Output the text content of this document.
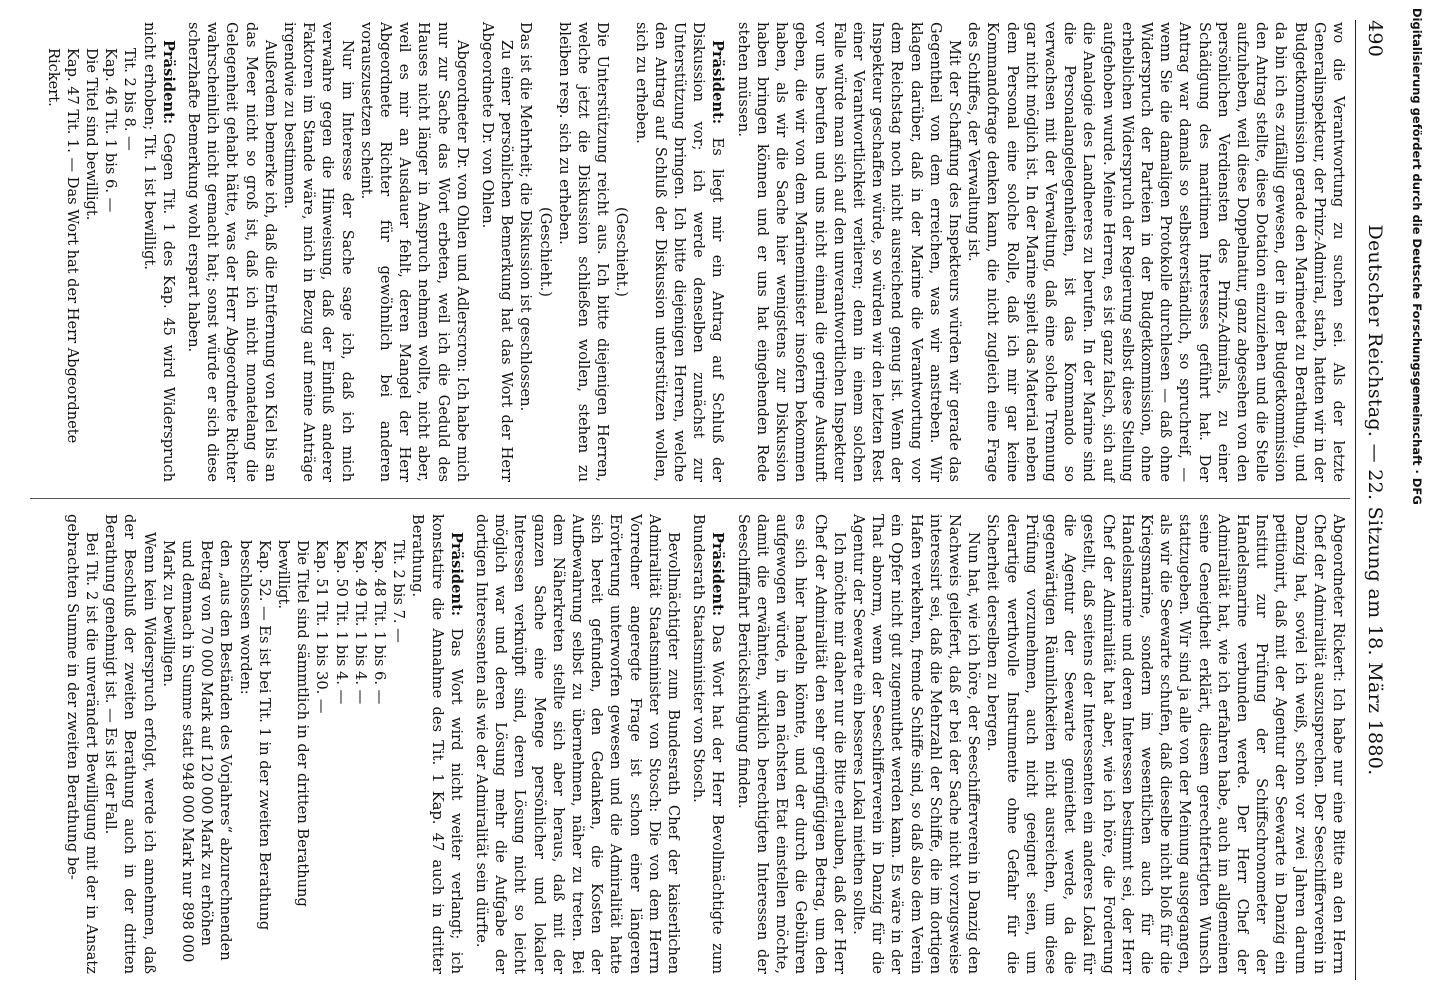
490
Deutscher Reichstag. — 22. Sitzung am 18. März 1880.

wo die Verantwortung zu suchen sei. Als der letzte Generalinspekteur, der Prinz-Admiral, starb, hatten wir in der Budgetkommission gerade den Marineetat zu Berathung, und da bin ich es zufällig gewesen, der in der Budgetkommission den Antrag stellte, diese Dotation einzuziehen und die Stelle aufzuheben, weil diese Doppelnatur, ganz abgesehen von den persönlichen Verdiensten des Prinz-Admirals, zu einer Schädigung des maritimen Interesses geführt hat. Der Antrag war damals so selbstverständlich, so spruchreif, — wenn Sie die damaligen Protokolle durchlesen — daß ohne Widerspruch der Parteien in der Budgetkommission, ohne erheblichen Widerspruch der Regierung selbst diese Stellung aufgehoben wurde. Meine Herren, es ist ganz falsch, sich auf die Analogie des Landheeres zu berufen. In der Marine sind die Personalangelegenheiten, ist das Kommando so verwachsen mit der Verwaltung, daß eine solche Trennung gar nicht möglich ist. In der Marine spielt das Material neben dem Personal eine solche Rolle, daß ich mir gar keine Kommandofrage denken kann, die nicht zugleich eine Frage des Schiffes, der Verwaltung ist.

Mit der Schaffung des Inspekteurs würden wir gerade das Gegentheil von dem erreichen, was wir anstreben. Wir klagen darüber, daß in der Marine die Verantwortung vor dem Reichstag noch nicht ausreichend genug ist. Wenn der Inspekteur geschaffen würde, so würden wir den letzten Rest einer Verantwortlichkeit verlieren; denn in einem solchen Falle würde man sich auf den unverantwortlichen Inspekteur vor uns berufen und uns nicht einmal die geringe Auskunft geben, die wir von dem Marineminister insofern bekommen haben, als wir die Sache hier wenigstens zur Diskussion haben bringen können und er uns hat eingehenden Rede stehen müssen.

Präsident: Es liegt mir ein Antrag auf Schluß der Diskussion vor; ich werde denselben zunächst zur Unterstützung bringen. Ich bitte diejenigen Herren, welche den Antrag auf Schluß der Diskussion unterstützen wollen, sich zu erheben.

(Geschieht.)

Die Unterstützung reicht aus. Ich bitte diejenigen Herren, welche jetzt die Diskussion schließen wollen, stehen zu bleiben resp. sich zu erheben.

(Geschieht.)

Das ist die Mehrheit; die Diskussion ist geschlossen.

Zu einer persönlichen Bemerkung hat das Wort der Herr Abgeordnete Dr. von Ohlen.

Abgeordneter Dr. von Ohlen und Adlerscron: Ich habe mich nur zur Sache das Wort erbeten, weil ich die Geduld des Hauses nicht länger in Anspruch nehmen wollte, nicht aber, weil es mir an Ausdauer fehlt, deren Mangel der Herr Abgeordnete Richter für gewöhnlich bei anderen vorauszusetzen scheint.

Nur im Interesse der Sache sage ich, daß ich mich verwahre gegen die Hinweisung, daß der Einfluß anderer Faktoren im Stande wäre, mich in Bezug auf meine Anträge irgendwie zu bestimmen.

Außerdem bemerke ich, daß die Entfernung von Kiel bis an das Meer nicht so groß ist, daß ich nicht monatelang die Gelegenheit gehabt hätte, was der Herr Abgeordnete Richter wahrscheinlich nicht gemacht hat; sonst würde er sich diese scherzhafte Bemerkung wohl erspart haben.

Präsident: Gegen Tit. 1 des Kap. 45 wird Widerspruch nicht erhoben; Tit. 1 ist bewilligt.

Tit. 2 bis 8. —

Kap. 46 Tit. 1 bis 6. —

Die Titel sind bewilligt.

Kap. 47 Tit. 1. — Das Wort hat der Herr Abgeordnete Rickert.

Abgeordneter Rickert: Ich habe nur eine Bitte an den Herrn Chef der Admiralität auszusprechen. Der Seeschifferverein in Danzig hat, soviel ich weiß, schon vor zwei Jahren darum petitionirt, daß mit der Agentur der Seewarte in Danzig ein Institut zur Prüfung der Schiffschronometer der Handelsmarine verbunden werde. Der Herr Chef der Admiralität hat, wie ich erfahren habe, auch im allgemeinen seine Geneigtheit erklärt, diesem gerechtfertigten Wunsch stattzugeben. Wir sind ja alle von der Meinung ausgegangen, als wir die Seewarte schufen, daß dieselbe nicht bloß für die Kriegsmarine, sondern im wesentlichen auch für die Handelsmarine und deren Interessen bestimmt sei, der Herr Chef der Admiralität hat aber, wie ich höre, die Forderung gestellt, daß seitens der Interessenten ein anderes Lokal für die Agentur der Seewarte gemiethet werde, da die gegenwärtigen Räumlichkeiten nicht ausreichen, um diese Prüfung vorzunehmen, auch nicht geeignet seien, um derartige werthvolle Instrumente ohne Gefahr für die Sicherheit derselben zu bergen.

Nun hat, wie ich höre, der Seeschifferverein in Danzig den Nachweis geliefert, daß er bei der Sache nicht vorzugsweise interessirt sei, daß die Mehrzahl der Schiffe, die im dortigen Hafen verkehren, fremde Schiffe sind, so daß also dem Verein ein Opfer nicht gut zugemuthet werden kann. Es wäre in der That abnorm, wenn der Seeschifferverein in Danzig für die Agentur der Seewarte ein besseres Lokal miethen sollte.

Ich möchte mir daher nur die Bitte erlauben, daß der Herr Chef der Admiralität den sehr geringfügigen Betrag, um den es sich hier handeln könnte, und der durch die Gebühren aufgewogen würde, in den nächsten Etat einstellen möchte, damit die erwähnten, wirklich berechtigten Interessen der Seeschifffahrt Berücksichtigung finden.

Präsident: Das Wort hat der Herr Bevollmächtigte zum Bundesrath Staatsminister von Stosch.

Bevollmächtigter zum Bundesrath Chef der kaiserlichen Admiralität Staatsminister von Stosch: Die von dem Herrn Vorredner angeregte Frage ist schon einer längeren Erörterung unterworfen gewesen und die Admiralität hatte sich bereit gefunden, den Gedanken, die Kosten der Aufbewahrung selbst zu übernehmen, näher zu treten. Bei dem Näherkreten stellte sich aber heraus, daß mit der ganzen Sache eine Menge persönlicher und lokaler Interessen verknüpft sind, deren Lösung nicht so leicht möglich war und deren Lösung mehr die Aufgabe der dortigen Interessenten als wie der Admiralität sein dürfte.

Präsident: Das Wort wird nicht weiter verlangt; ich konstatire die Annahme des Tit. 1 Kap. 47 auch in dritter Berathung.

Tit. 2 bis 7. —

Kap. 48 Tit. 1 bis 6. —

Kap. 49 Tit. 1 bis 4. —

Kap. 50 Tit. 1 bis 4. —

Kap. 51 Tit. 1 bis 30. —

Die Titel sind sämmtlich in der dritten Berathung bewilligt.

Kap. 52. — Es ist bei Tit. 1 in der zweiten Berathung beschlossen worden:

den „aus den Beständen des Vorjahres“ abzurechnenden Betrag von 70 000 Mark auf 120 000 Mark zu erhöhen und demnach in Summe statt 948 000 Mark nur 898 000 Mark zu bewilligen.

Wenn kein Widerspruch erfolgt, werde ich annehmen, daß der Beschluß der zweiten Berathung auch in der dritten Berathung genehmigt ist. — Es ist der Fall.

Bei Tit. 2 ist die unverändert Bewilligung mit der in Ansatz gebrachten Summe in der zweiten Berathung be-

Digitalisierung gefördert durch die Deutsche Forschungsgemeinschaft · DFG
